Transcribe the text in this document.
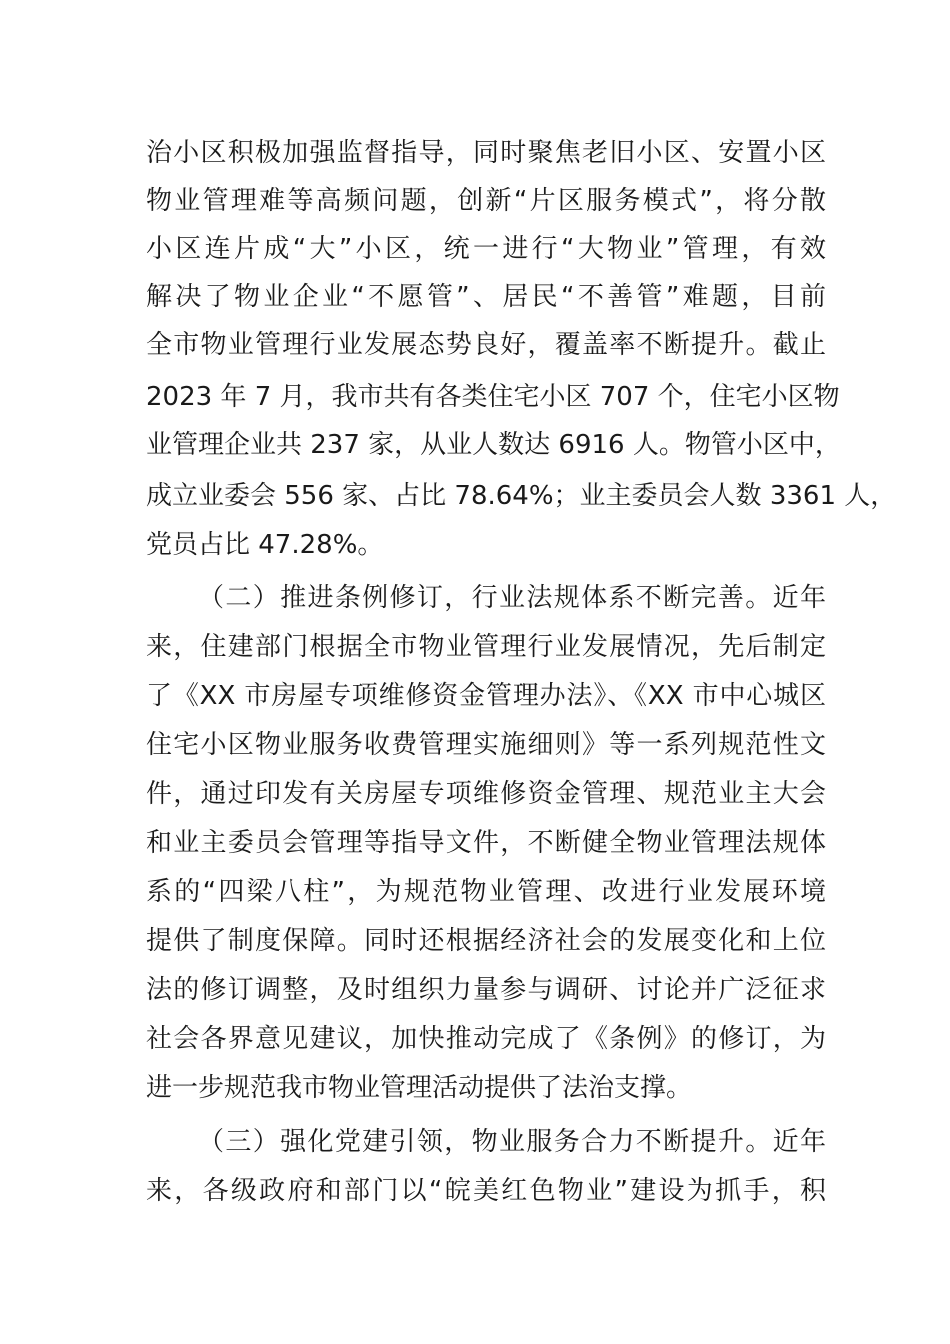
治小区积极加强监督指导，同时聚焦老旧小区、安置小区
物业管理难等高频问题，创新“片区服务模式”，将分散
小区连片成“大”小区，统一进行“大物业”管理，有效
解决了物业企业“不愿管”、居民“不善管”难题，目前
全市物业管理行业发展态势良好，覆盖率不断提升。截止
2023 年 7 月，我市共有各类住宅小区 707 个，住宅小区物
业管理企业共 237 家，从业人数达 6916 人。物管小区中，
成立业委会 556 家、占比 78.64%；业主委员会人数 3361 人，
党员占比 47.28%。
（二）推进条例修订，行业法规体系不断完善。近年
来，住建部门根据全市物业管理行业发展情况，先后制定
了《XX 市房屋专项维修资金管理办法》、《XX 市中心城区
住宅小区物业服务收费管理实施细则》等一系列规范性文
件，通过印发有关房屋专项维修资金管理、规范业主大会
和业主委员会管理等指导文件，不断健全物业管理法规体
系的“四梁八柱”，为规范物业管理、改进行业发展环境
提供了制度保障。同时还根据经济社会的发展变化和上位
法的修订调整，及时组织力量参与调研、讨论并广泛征求
社会各界意见建议，加快推动完成了《条例》的修订，为
进一步规范我市物业管理活动提供了法治支撑。
（三）强化党建引领，物业服务合力不断提升。近年
来，各级政府和部门以“皖美红色物业”建设为抓手，积
